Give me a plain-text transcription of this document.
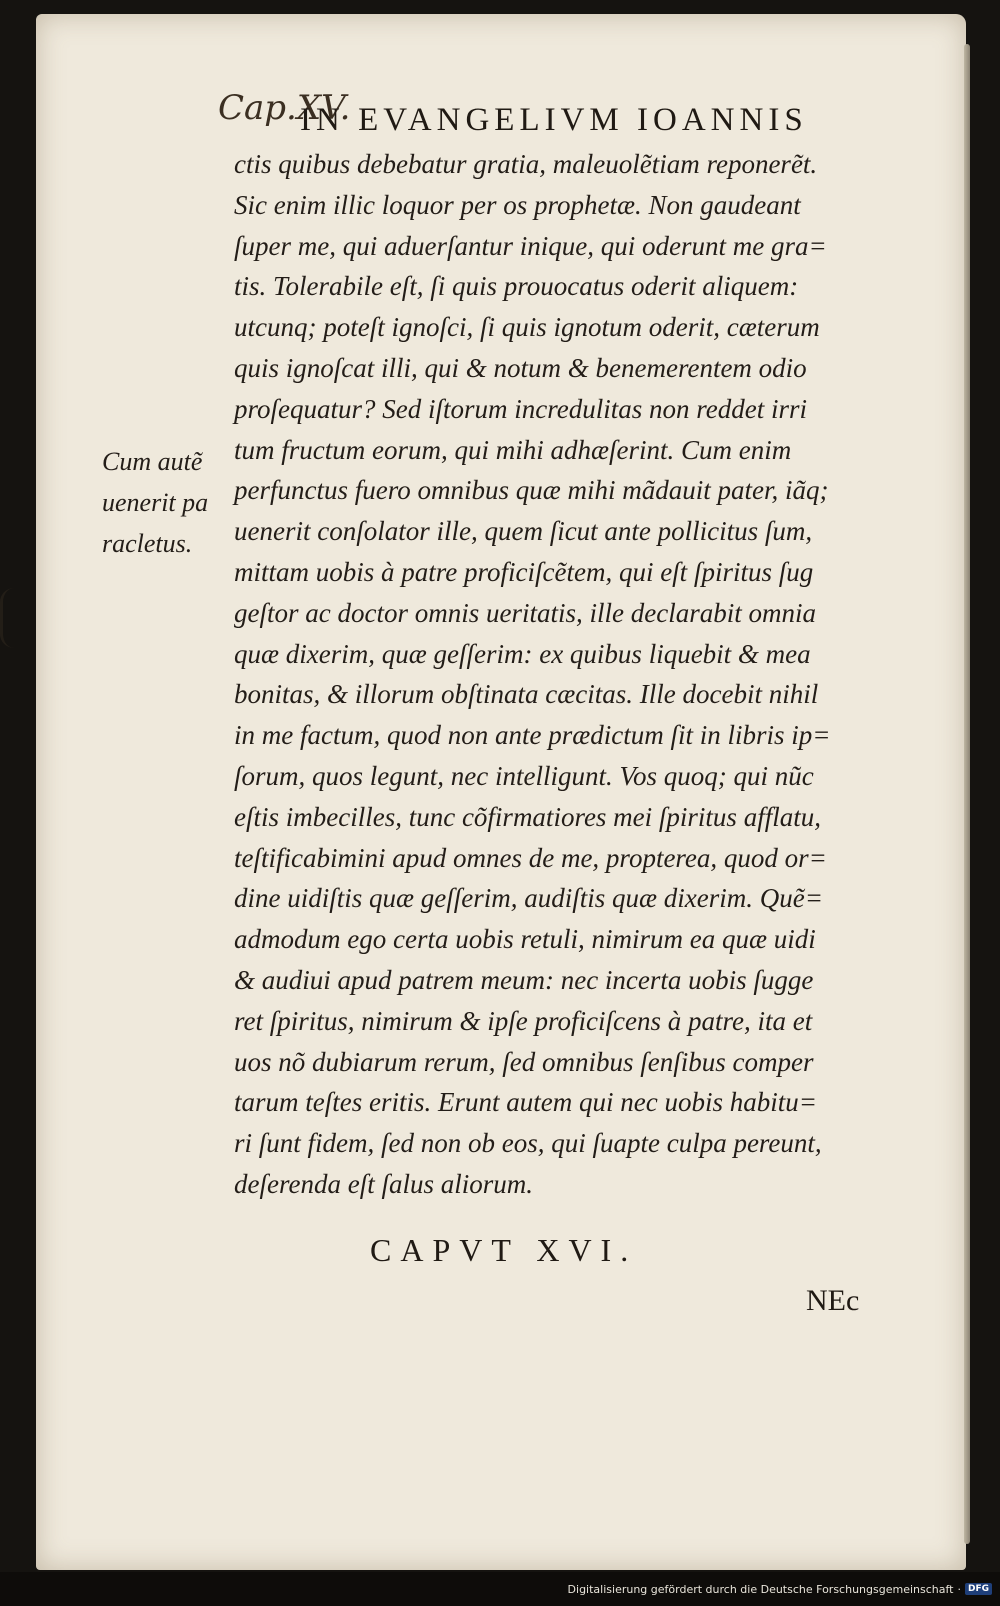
Cap.XV.
IN EVANGELIVM IOANNIS
ctis quibus debebatur gratia, maleuolẽtiam reponerẽt.
Sic enim illic loquor per os prophetæ. Non gaudeant
ſuper me, qui aduerſantur inique, qui oderunt me gra=
tis. Tolerabile eſt, ſi quis prouocatus oderit aliquem:
utcunq; poteſt ignoſci, ſi quis ignotum oderit, cæterum
quis ignoſcat illi, qui & notum & benemerentem odio
proſequatur? Sed iſtorum incredulitas non reddet irri
tum fructum eorum, qui mihi adhæſerint. Cum enim
perfunctus fuero omnibus quæ mihi mãdauit pater, iãq;
uenerit conſolator ille, quem ſicut ante pollicitus ſum,
mittam uobis à patre proficiſcẽtem, qui eſt ſpiritus ſug
geſtor ac doctor omnis ueritatis, ille declarabit omnia
quæ dixerim, quæ geſſerim: ex quibus liquebit & mea
bonitas, & illorum obſtinata cæcitas. Ille docebit nihil
in me factum, quod non ante prædictum ſit in libris ip=
ſorum, quos legunt, nec intelligunt. Vos quoq; qui nũc
eſtis imbecilles, tunc cõfirmatiores mei ſpiritus afflatu,
teſtificabimini apud omnes de me, propterea, quod or=
dine uidiſtis quæ geſſerim, audiſtis quæ dixerim. Quẽ=
admodum ego certa uobis retuli, nimirum ea quæ uidi
& audiui apud patrem meum: nec incerta uobis ſugge
ret ſpiritus, nimirum & ipſe proficiſcens à patre, ita et
uos nõ dubiarum rerum, ſed omnibus ſenſibus comper
tarum teſtes eritis. Erunt autem qui nec uobis habitu=
ri ſunt fidem, ſed non ob eos, qui ſuapte culpa pereunt,
deſerenda eſt ſalus aliorum.
Cum autẽ
uenerit pa
racletus.
CAPVT XVI.
NEc
Digitalisierung gefördert durch die Deutsche Forschungsgemeinschaft · DFG
